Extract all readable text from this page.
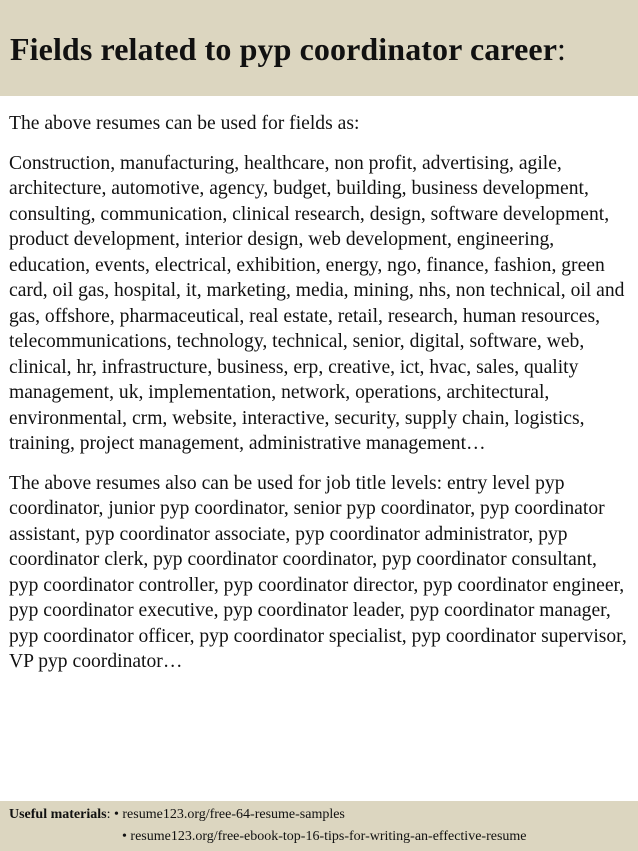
Fields related to pyp coordinator career:

The above resumes can be used for fields as:

Construction, manufacturing, healthcare, non profit, advertising, agile, architecture, automotive, agency, budget, building, business development, consulting, communication, clinical research, design, software development, product development, interior design, web development, engineering, education, events, electrical, exhibition, energy, ngo, finance, fashion, green card, oil gas, hospital, it, marketing, media, mining, nhs, non technical, oil and gas, offshore, pharmaceutical, real estate, retail, research, human resources, telecommunications, technology, technical, senior, digital, software, web, clinical, hr, infrastructure, business, erp, creative, ict, hvac, sales, quality management, uk, implementation, network, operations, architectural, environmental, crm, website, interactive, security, supply chain, logistics, training, project management, administrative management…

The above resumes also can be used for job title levels: entry level pyp coordinator, junior pyp coordinator, senior pyp coordinator, pyp coordinator assistant, pyp coordinator associate, pyp coordinator administrator, pyp coordinator clerk, pyp coordinator coordinator, pyp coordinator consultant, pyp coordinator controller, pyp coordinator director, pyp coordinator engineer, pyp coordinator executive, pyp coordinator leader, pyp coordinator manager, pyp coordinator officer, pyp coordinator specialist, pyp coordinator supervisor, VP pyp coordinator…

Useful materials: • resume123.org/free-64-resume-samples
• resume123.org/free-ebook-top-16-tips-for-writing-an-effective-resume
